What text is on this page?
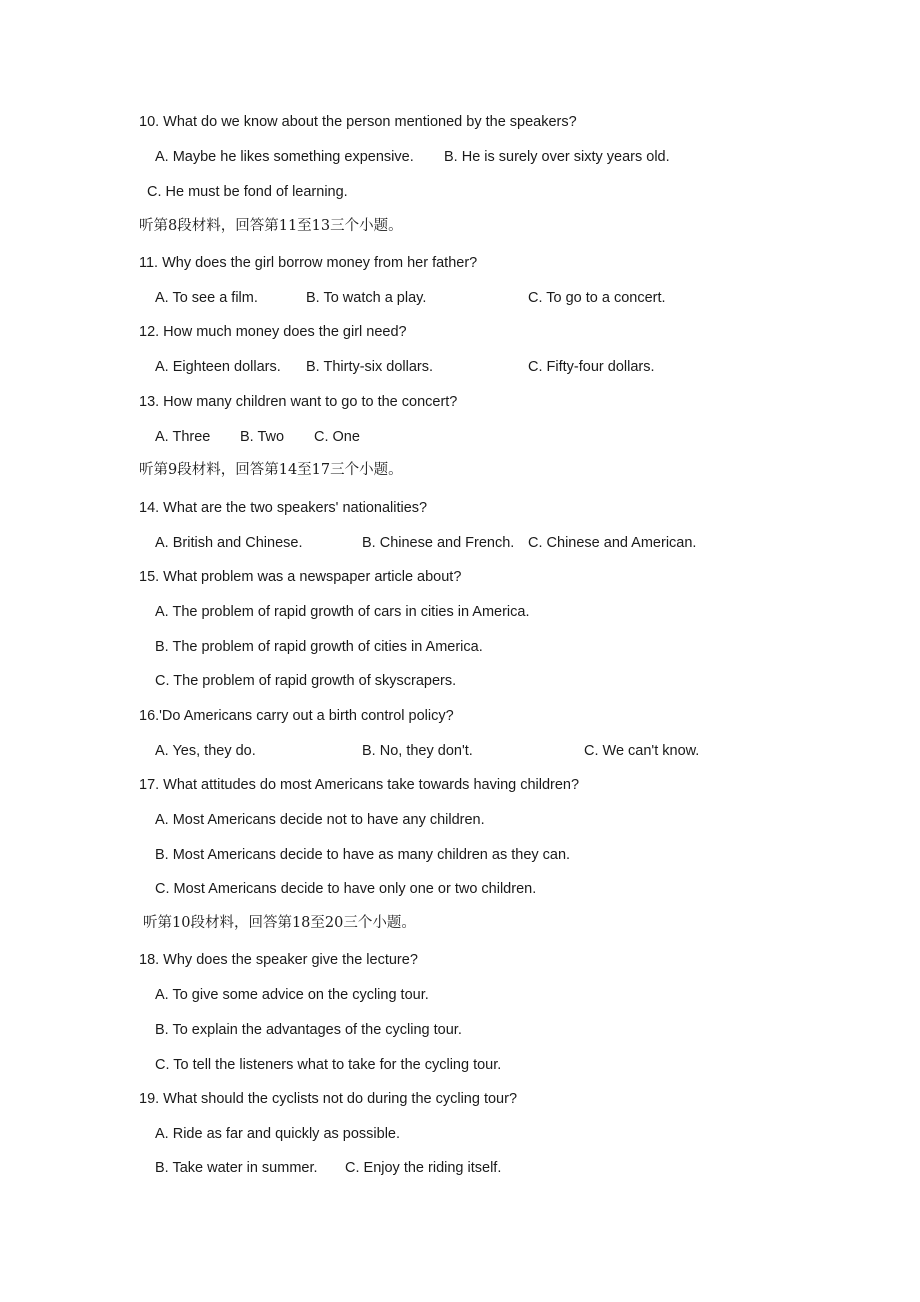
10. What do we know about the person mentioned by the speakers?
A. Maybe he likes something expensive. B. He is surely over sixty years old.
C. He must be fond of learning.
听第8段材料，回答第11至13三个小题。
11. Why does the girl borrow money from her father?
A. To see a film.	B. To watch a play.	C. To go to a concert.
12. How much money does the girl need?
A. Eighteen dollars. B. Thirty-six dollars.	C. Fifty-four dollars.
13. How many children want to go to the concert?
A. Three B. Two C. One
听第9段材料，回答第14至17三个小题。
14. What are the two speakers' nationalities?
A. British and Chinese.	B. Chinese and French. C. Chinese and American.
15. What problem was a newspaper article about?
A. The problem of rapid growth of cars in cities in America.
B. The problem of rapid growth of cities in America.
C. The problem of rapid growth of skyscrapers.
16.'Do Americans carry out a birth control policy?
A. Yes, they do.	B. No, they don't.	C. We can't know.
17. What attitudes do most Americans take towards having children?
A. Most Americans decide not to have any children.
B. Most Americans decide to have as many children as they can.
C. Most Americans decide to have only one or two children.
听第10段材料，回答第18至20三个小题。
18. Why does the speaker give the lecture?
A. To give some advice on the cycling tour.
B. To explain the advantages of the cycling tour.
C. To tell the listeners what to take for the cycling tour.
19. What should the cyclists not do during the cycling tour?
A. Ride as far and quickly as possible.
B. Take water in summer. C. Enjoy the riding itself.
